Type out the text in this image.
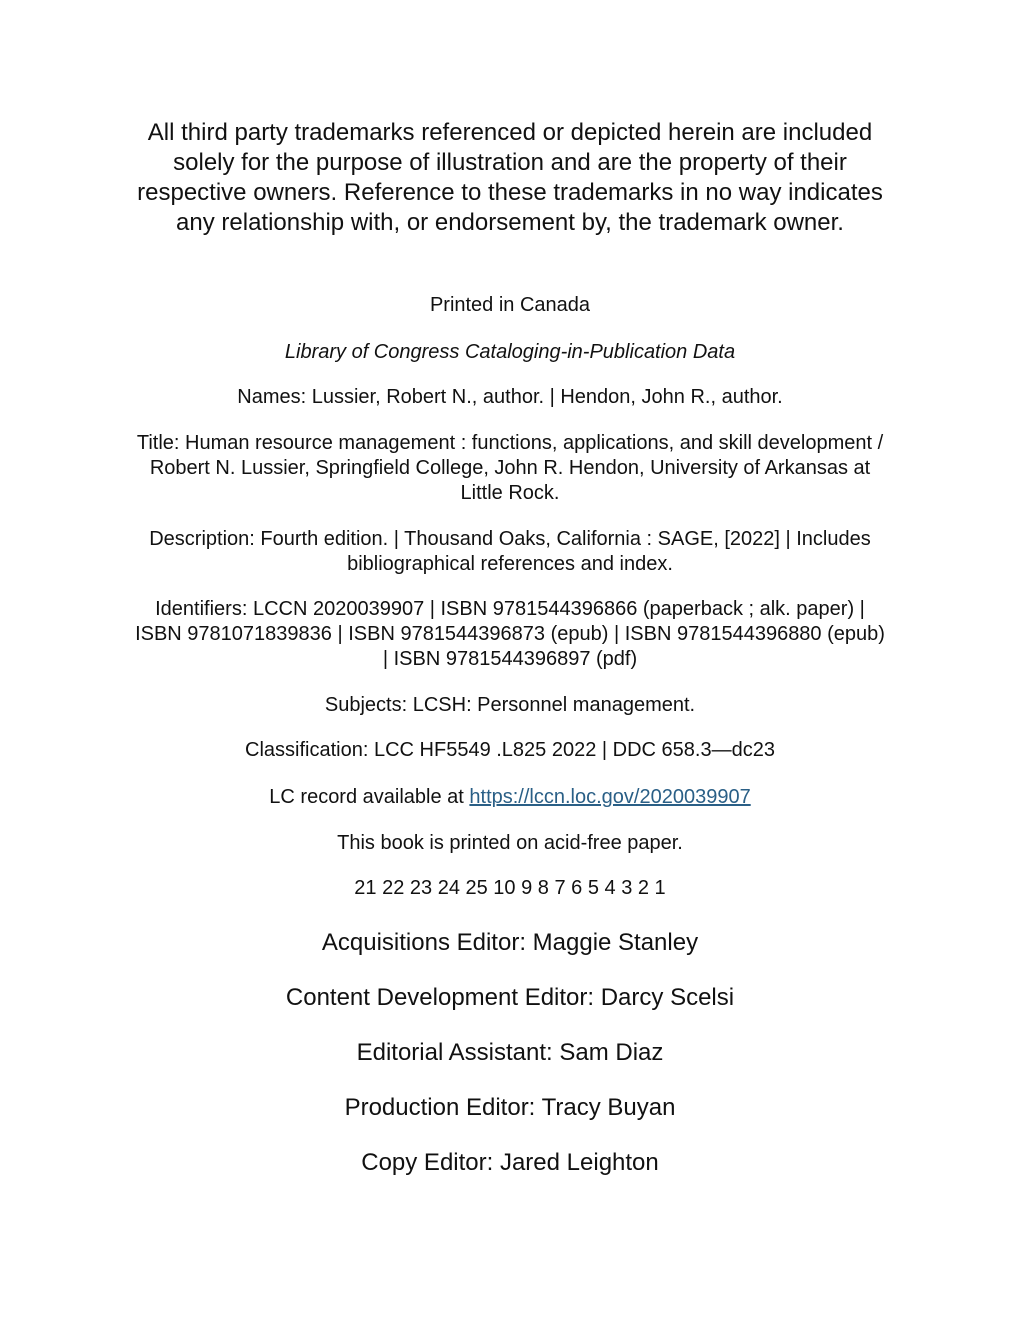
All third party trademarks referenced or depicted herein are included solely for the purpose of illustration and are the property of their respective owners. Reference to these trademarks in no way indicates any relationship with, or endorsement by, the trademark owner.
Printed in Canada
Library of Congress Cataloging-in-Publication Data
Names: Lussier, Robert N., author. | Hendon, John R., author.
Title: Human resource management : functions, applications, and skill development / Robert N. Lussier, Springfield College, John R. Hendon, University of Arkansas at Little Rock.
Description: Fourth edition. | Thousand Oaks, California : SAGE, [2022] | Includes bibliographical references and index.
Identifiers: LCCN 2020039907 | ISBN 9781544396866 (paperback ; alk. paper) | ISBN 9781071839836 | ISBN 9781544396873 (epub) | ISBN 9781544396880 (epub) | ISBN 9781544396897 (pdf)
Subjects: LCSH: Personnel management.
Classification: LCC HF5549 .L825 2022 | DDC 658.3—dc23
LC record available at https://lccn.loc.gov/2020039907
This book is printed on acid-free paper.
21 22 23 24 25 10 9 8 7 6 5 4 3 2 1
Acquisitions Editor: Maggie Stanley
Content Development Editor: Darcy Scelsi
Editorial Assistant: Sam Diaz
Production Editor: Tracy Buyan
Copy Editor: Jared Leighton
